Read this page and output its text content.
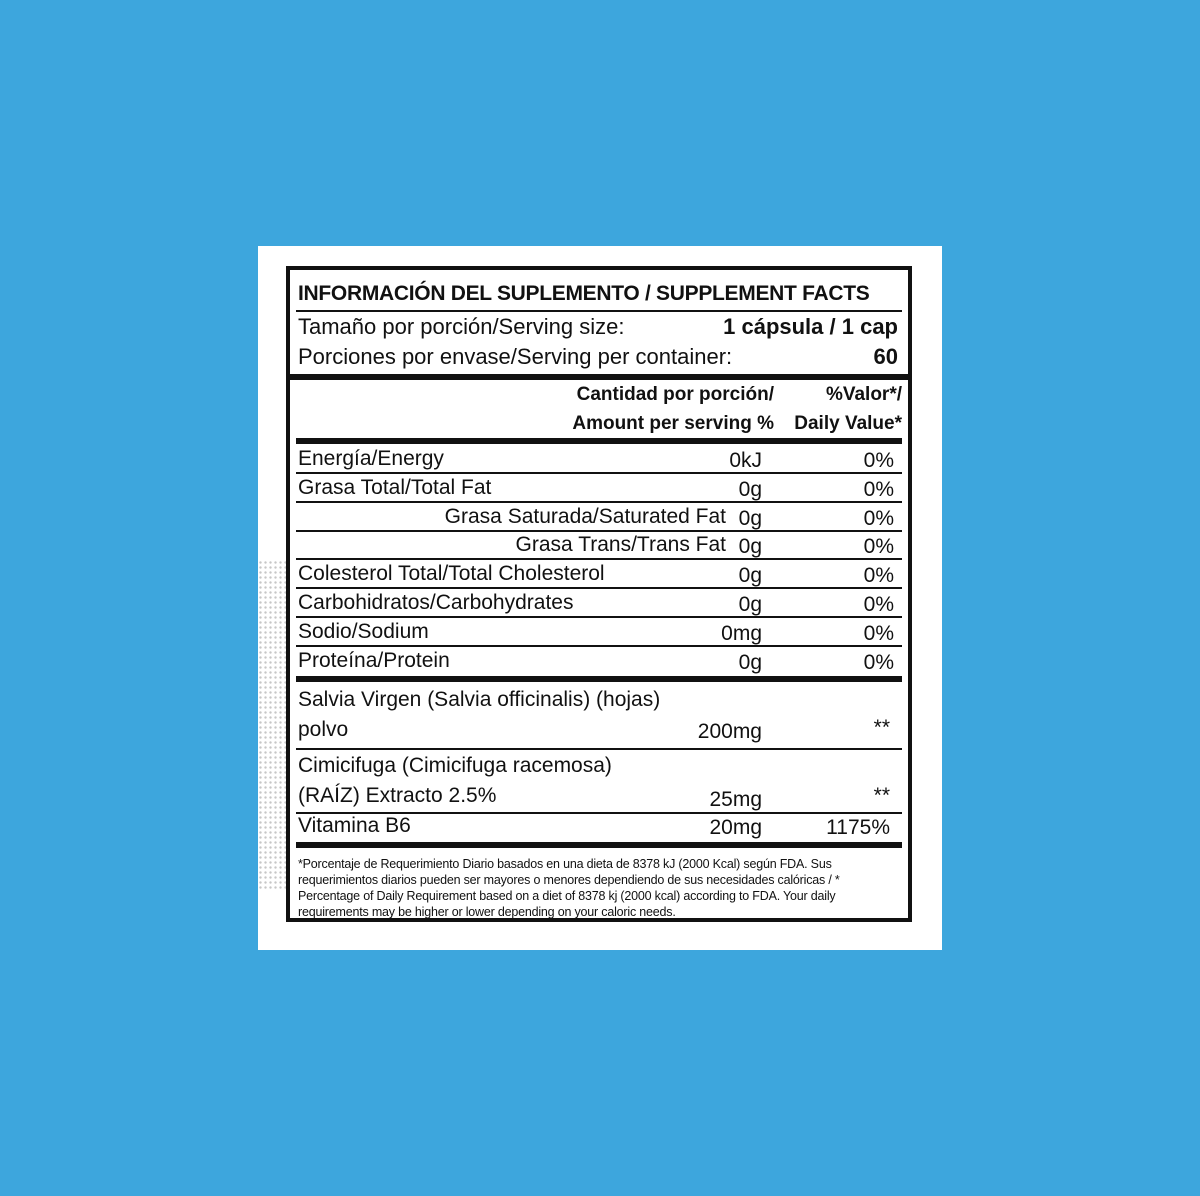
INFORMACIÓN DEL SUPLEMENTO / SUPPLEMENT FACTS
Tamaño por porción/Serving size:	1 cápsula / 1 cap
Porciones por envase/Serving per container:	60
Cantidad por porción/
Amount per serving %
%Valor*/
Daily Value*
Energía/Energy	0kJ	0%
Grasa Total/Total Fat	0g	0%
Grasa Saturada/Saturated Fat 0g	0%
Grasa Trans/Trans Fat 0g	0%
Colesterol Total/Total Cholesterol	0g	0%
Carbohidratos/Carbohydrates	0g	0%
Sodio/Sodium	0mg	0%
Proteína/Protein	0g	0%
Salvia Virgen (Salvia officinalis) (hojas)
polvo	200mg	**
Cimicifuga (Cimicifuga racemosa)
(RAÍZ) Extracto 2.5%	25mg	**
Vitamina B6	20mg	1175%
*Porcentaje de Requerimiento Diario basados en una dieta de 8378 kJ (2000 Kcal) según FDA. Sus requerimientos diarios pueden ser mayores o menores dependiendo de sus necesidades calóricas / * Percentage of Daily Requirement based on a diet of 8378 kj (2000 kcal) according to FDA. Your daily requirements may be higher or lower depending on your caloric needs.
